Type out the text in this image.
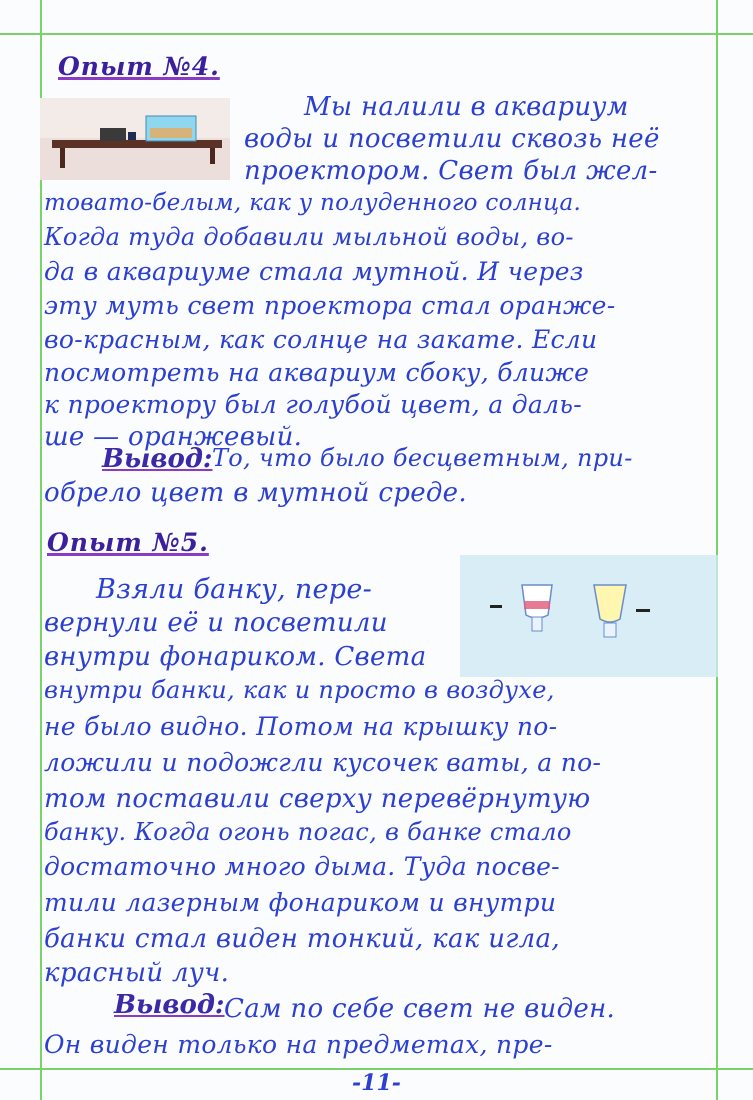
Опыт №4.
Мы налили в аквариум
воды и посветили сквозь неё
проектором. Свет был жел-
товато-белым, как у полуденного солнца.
Когда туда добавили мыльной воды, во-
да в аквариуме стала мутной. И через
эту муть свет проектора стал оранже-
во-красным, как солнце на закате. Если
посмотреть на аквариум сбоку, ближе
к проектору был голубой цвет, а даль-
ше — оранжевый.
Вывод: То, что было бесцветным, при-
обрело цвет в мутной среде.
Опыт №5.
Взяли банку, пере-
вернули её и посветили
внутри фонариком. Света
внутри банки, как и просто в воздухе,
не было видно. Потом на крышку по-
ложили и подожгли кусочек ваты, а по-
том поставили сверху перевёрнутую
банку. Когда огонь погас, в банке стало
достаточно много дыма. Туда посве-
тили лазерным фонариком и внутри
банки стал виден тонкий, как игла,
красный луч.
Вывод: Сам по себе свет не виден.
Он виден только на предметах, пре-
-11-
